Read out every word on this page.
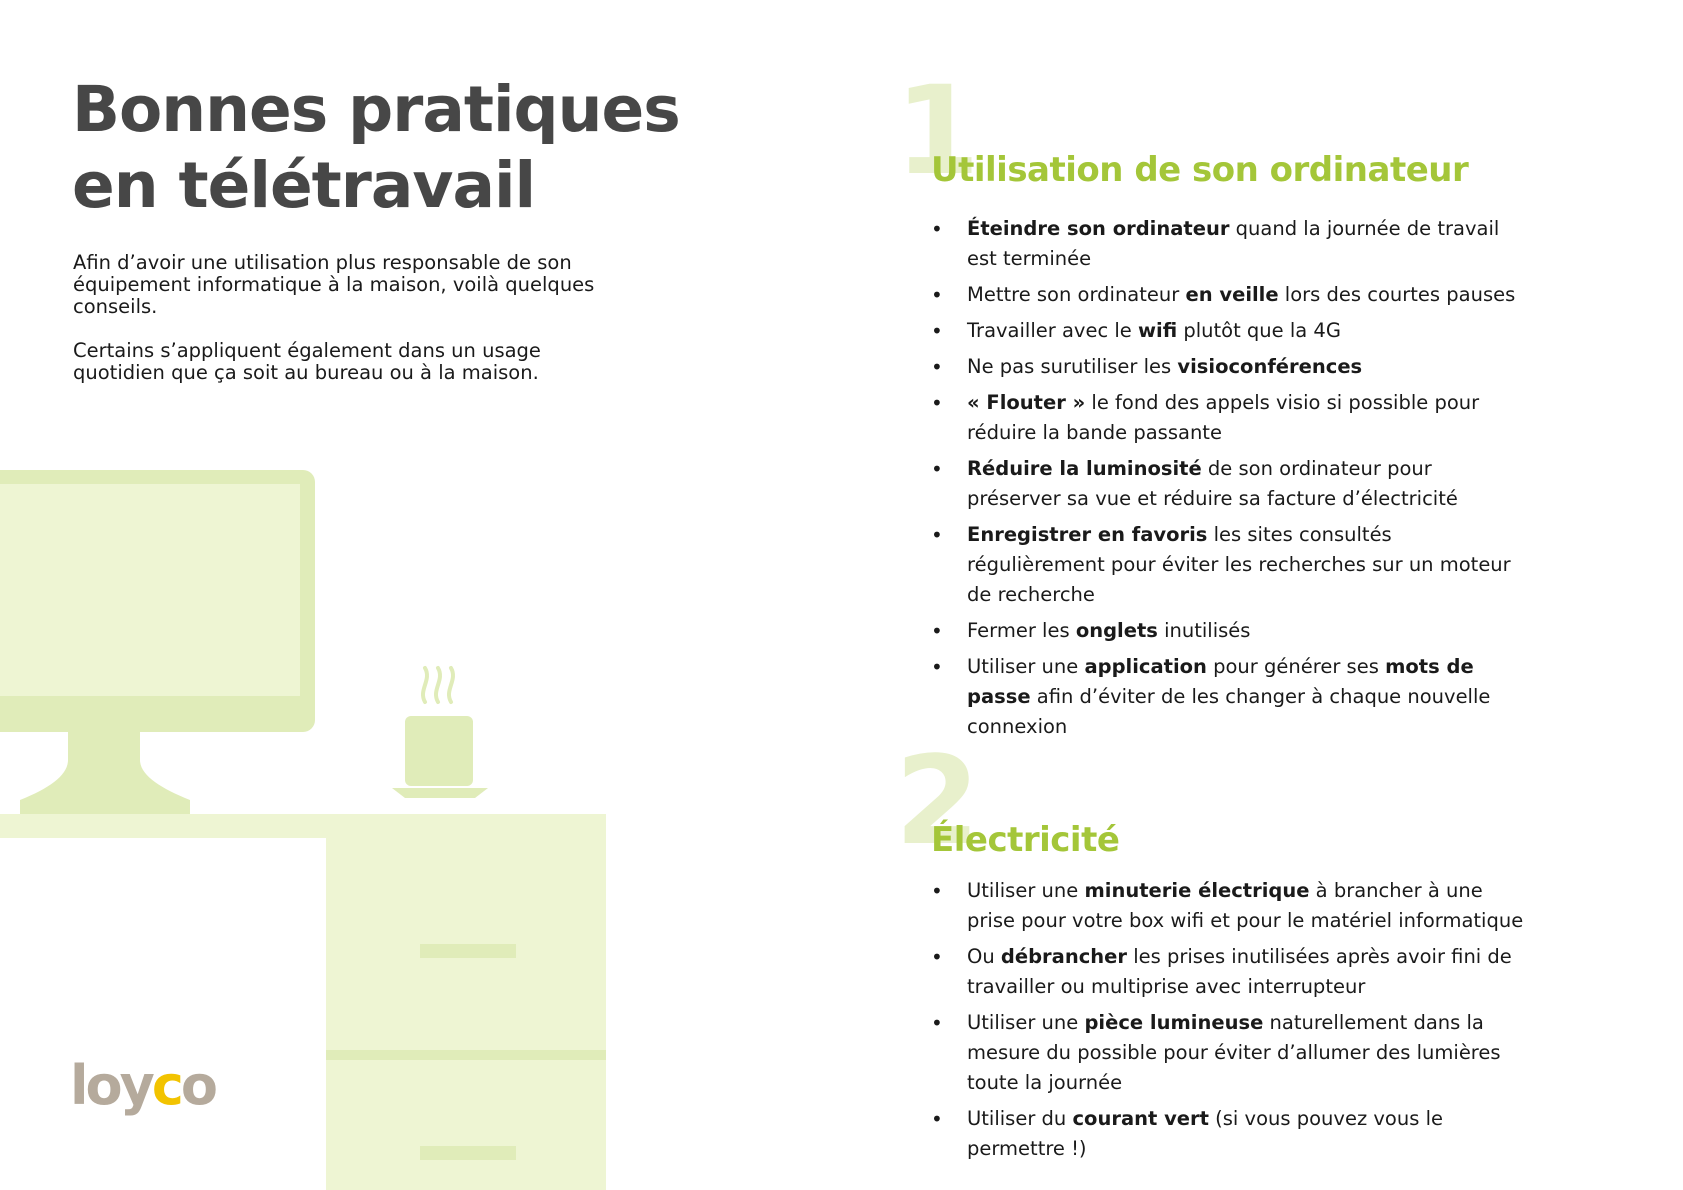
Bonnes pratiques
en télétravail

Afin d’avoir une utilisation plus responsable de son équipement informatique à la maison, voilà quelques conseils.

Certains s’appliquent également dans un usage quotidien que ça soit au bureau ou à la maison.

loyco
1
Utilisation de son ordinateur
• Éteindre son ordinateur quand la journée de travail est terminée
• Mettre son ordinateur en veille lors des courtes pauses
• Travailler avec le wifi plutôt que la 4G
• Ne pas surutiliser les visioconférences
• « Flouter » le fond des appels visio si possible pour réduire la bande passante
• Réduire la luminosité de son ordinateur pour préserver sa vue et réduire sa facture d’électricité
• Enregistrer en favoris les sites consultés régulièrement pour éviter les recherches sur un moteur de recherche
• Fermer les onglets inutilisés
• Utiliser une application pour générer ses mots de passe afin d’éviter de les changer à chaque nouvelle connexion
2
Électricité
• Utiliser une minuterie électrique à brancher à une prise pour votre box wifi et pour le matériel informatique
• Ou débrancher les prises inutilisées après avoir fini de travailler ou multiprise avec interrupteur
• Utiliser une pièce lumineuse naturellement dans la mesure du possible pour éviter d’allumer des lumières toute la journée
• Utiliser du courant vert (si vous pouvez vous le permettre !)
